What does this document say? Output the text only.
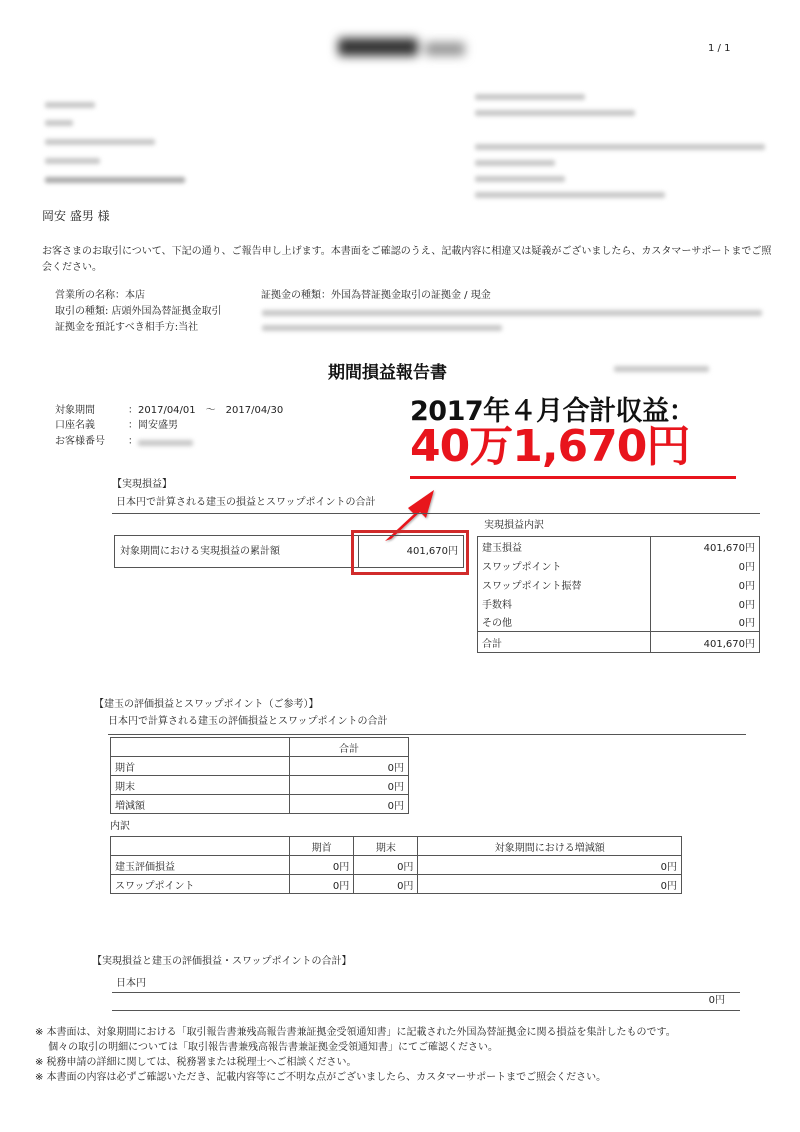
1 / 1
岡安 盛男 様
お客さまのお取引について、下記の通り、ご報告申し上げます。本書面をご確認のうえ、記載内容に相違又は疑義がございましたら、カスタマーサポートまでご照会ください。
営業所の名称：本店
取引の種類: 店頭外国為替証拠金取引
証拠金を預託すべき相手方:当社
証拠金の種類：外国為替証拠金取引の証拠金 / 現金
期間損益報告書
対象期間	：2017/04/01　～　2017/04/30
口座名義	：岡安盛男
お客様番号 ：
2017年４月合計収益：
40万1,670円
【実現損益】
日本円で計算される建玉の損益とスワップポイントの合計
対象期間における実現損益の累計額	401,670円
実現損益内訳
建玉損益	401,670円
スワップポイント	0円
スワップポイント振替	0円
手数料	0円
その他	0円
合計	401,670円
【建玉の評価損益とスワップポイント（ご参考）】
日本円で計算される建玉の評価損益とスワップポイントの合計
	合計
期首	0円
期末	0円
増減額	0円
内訳
	期首	期末	対象期間における増減額
建玉評価損益	0円	0円	0円
スワップポイント	0円	0円	0円
【実現損益と建玉の評価損益・スワップポイントの合計】
日本円
0円
※ 本書面は、対象期間における「取引報告書兼残高報告書兼証拠金受領通知書」に記載された外国為替証拠金に関る損益を集計したものです。
　 個々の取引の明細については「取引報告書兼残高報告書兼証拠金受領通知書」にてご確認ください。
※ 税務申請の詳細に関しては、税務署または税理士へご相談ください。
※ 本書面の内容は必ずご確認いただき、記載内容等にご不明な点がございましたら、カスタマーサポートまでご照会ください。
